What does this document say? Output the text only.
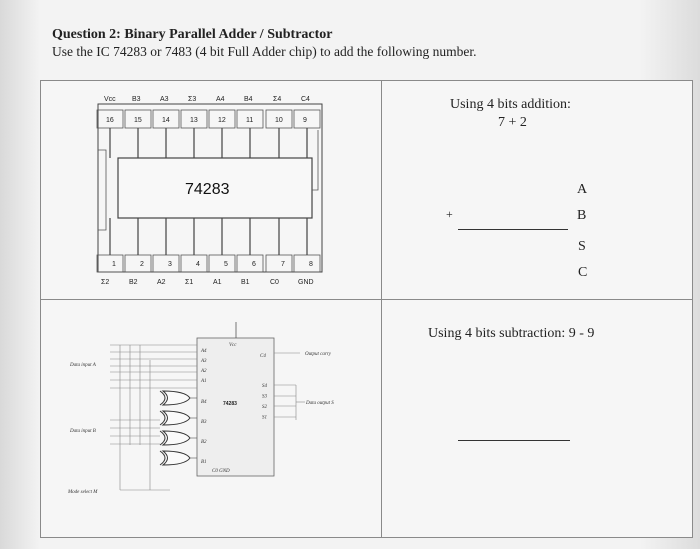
Question 2: Binary Parallel Adder / Subtractor
Use the IC 74283 or 7483 (4 bit Full Adder chip) to add the following number.
Using 4 bits addition:
7 + 2
A
B
+
S
C
Using 4 bits subtraction: 9 - 9
74283
Vcc
16
B3
15
A3
14
Σ3
13
A4
12
B4
11
Σ4
10
C4
9
1
Σ2
2
B2
3
A2
4
Σ1
5
A1
6
B1
7
C0
8
GND
Vcc
74283
C4
C0 GND
A4
A3
A2
A1
B4
B3
B2
B1
S4
S3
S2
S1
Data input A
Data input B
Mode select M
Output carry
Data output S
